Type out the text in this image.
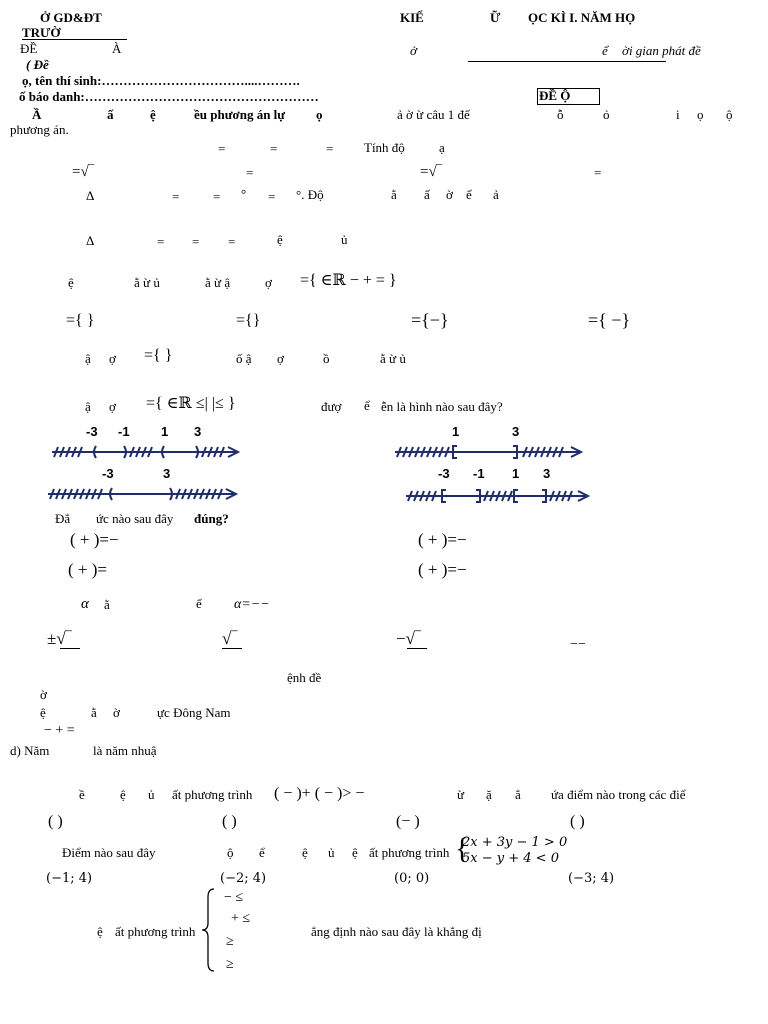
Ở GD&ĐT
TRƯỜ
KIỂ	Ữ ỌC KÌ I. NĂM HỌ
ĐỀ	À	ở	ể ời gian phát đề
( Đề
ọ, tên thí sinh:……………………………....……….
ố báo danh:………………………………………………	ĐỀ Ộ
Ầ	ấ	ệ	ều phương án lự ọ	ả ờ ừ câu 1 đế	ỗ	ỏ	i ọ ộ
phương án.
=	=	= Tính độ	ạ
=√‾	=	=√‾	=
Δ	=	= ° = °. Độ	ằ ấ ờ ế ả
Δ	= = =	ệ	ủ
ệ	ằ ừ ủ	ằ ừ ậ	ợ ={ ∈ℝ − + = }
={ }	={}	={−}	={ −}
ậ ợ ={ }	ố ậ ợ	ồ	ằ ừ ủ
ậ ợ ={ ∈ℝ ≤| |≤ }	đượ ể ễn là hình nào sau đây?
-3 -1 1 3	1	3
-3	3	-3 -1 1 3
Đẳ ức nào sau đây đúng?
( + )=−	( + )=−
( + )=	( + )=−
α ằ	ế α=−−
±√‾	√‾	−√‾	−−
ệnh đề
ờ
ệ	ằ ờ	ực Đông Nam
− + =
d) Năm	là năm nhuậ
ề	ệ ủ ất phương trình ( − )+ ( − )> −	ừ ặ ẳ ứa điểm nào trong các điể
( )	( )	(− )	( )
Điểm nào sau đây	ộ ể	ệ ủ ệ ất phương trình {
2x + 3y − 1 > 0
5x − y + 4 < 0
(−1; 4)	(−2; 4)	(0; 0)	(−3; 4)
ệ ất phương trình
− ≤
+ ≤
≥
≥
ẳng định nào sau đây là khẳng đị
